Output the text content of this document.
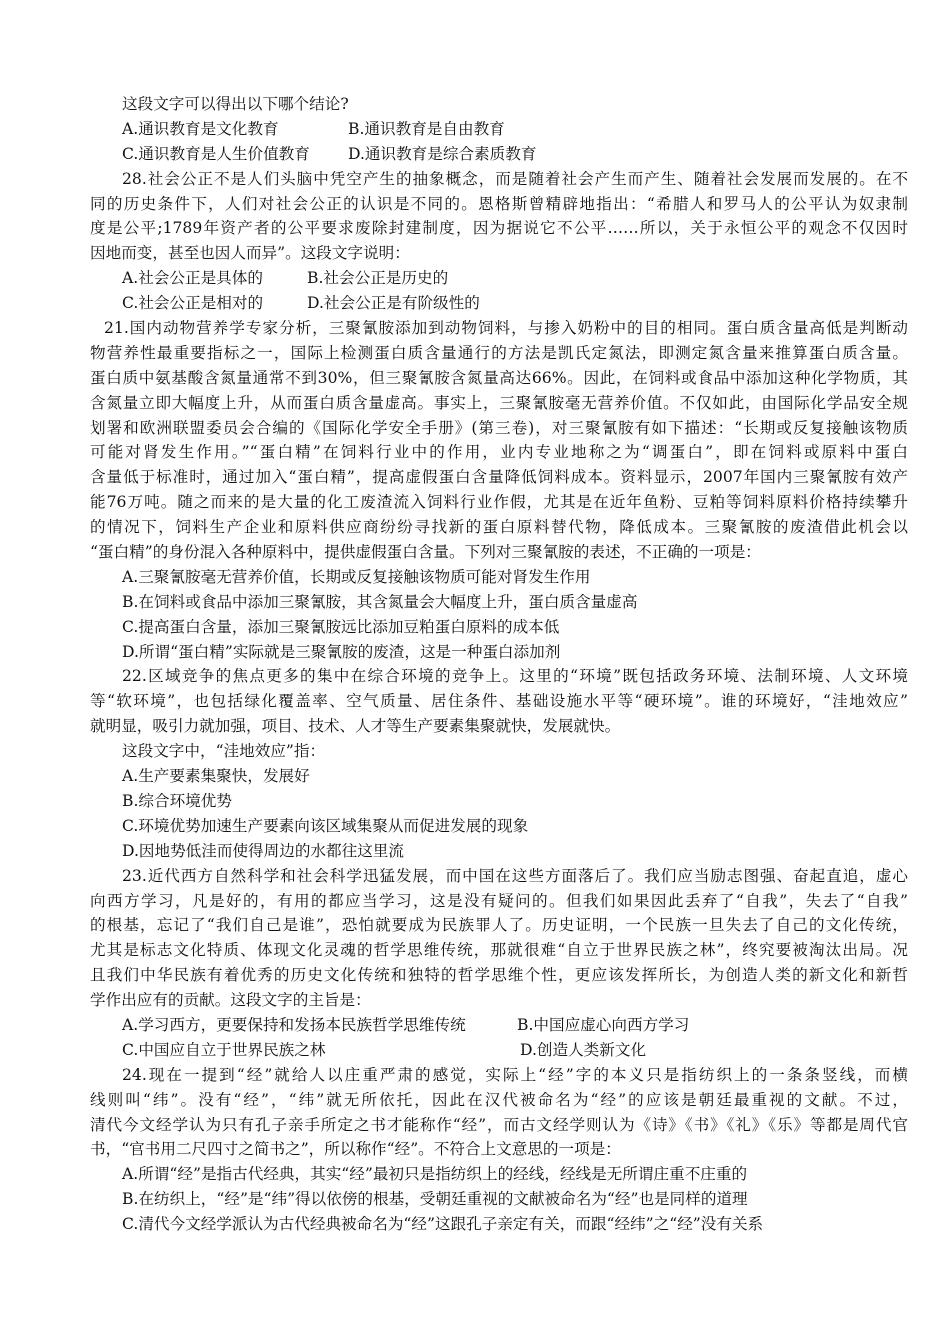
这段文字可以得出以下哪个结论?
A.通识教育是文化教育	B.通识教育是自由教育
C.通识教育是人生价值教育	D.通识教育是综合素质教育
28.社会公正不是人们头脑中凭空产生的抽象概念，而是随着社会产生而产生、随着社会发展而发展的。在不
同的历史条件下，人们对社会公正的认识是不同的。恩格斯曾精辟地指出：“希腊人和罗马人的公平认为奴隶制
度是公平;1789年资产者的公平要求废除封建制度，因为据说它不公平……所以，关于永恒公平的观念不仅因时
因地而变，甚至也因人而异”。这段文字说明：
A.社会公正是具体的	B.社会公正是历史的
C.社会公正是相对的	D.社会公正是有阶级性的
21.国内动物营养学专家分析，三聚氰胺添加到动物饲料，与掺入奶粉中的目的相同。蛋白质含量高低是判断动
物营养性最重要指标之一，国际上检测蛋白质含量通行的方法是凯氏定氮法，即测定氮含量来推算蛋白质含量。
蛋白质中氨基酸含氮量通常不到30%，但三聚氰胺含氮量高达66%。因此，在饲料或食品中添加这种化学物质，其
含氮量立即大幅度上升，从而蛋白质含量虚高。事实上，三聚氰胺毫无营养价值。不仅如此，由国际化学品安全规
划署和欧洲联盟委员会合编的《国际化学安全手册》(第三卷)，对三聚氰胺有如下描述：“长期或反复接触该物质
可能对肾发生作用。”“蛋白精”在饲料行业中的作用，业内专业地称之为“调蛋白”，即在饲料或原料中蛋白
含量低于标准时，通过加入“蛋白精”，提高虚假蛋白含量降低饲料成本。资料显示，2007年国内三聚氰胺有效产
能76万吨。随之而来的是大量的化工废渣流入饲料行业作假，尤其是在近年鱼粉、豆粕等饲料原料价格持续攀升
的情况下，饲料生产企业和原料供应商纷纷寻找新的蛋白原料替代物，降低成本。三聚氰胺的废渣借此机会以
“蛋白精”的身份混入各种原料中，提供虚假蛋白含量。下列对三聚氰胺的表述，不正确的一项是：
A.三聚氰胺毫无营养价值，长期或反复接触该物质可能对肾发生作用
B.在饲料或食品中添加三聚氰胺，其含氮量会大幅度上升，蛋白质含量虚高
C.提高蛋白含量，添加三聚氰胺远比添加豆粕蛋白原料的成本低
D.所谓“蛋白精”实际就是三聚氰胺的废渣，这是一种蛋白添加剂
22.区域竞争的焦点更多的集中在综合环境的竞争上。这里的“环境”既包括政务环境、法制环境、人文环境
等“软环境”，也包括绿化覆盖率、空气质量、居住条件、基础设施水平等“硬环境”。谁的环境好，“洼地效应”
就明显，吸引力就加强，项目、技术、人才等生产要素集聚就快，发展就快。
这段文字中，“洼地效应”指：
A.生产要素集聚快，发展好
B.综合环境优势
C.环境优势加速生产要素向该区域集聚从而促进发展的现象
D.因地势低洼而使得周边的水都往这里流
23.近代西方自然科学和社会科学迅猛发展，而中国在这些方面落后了。我们应当励志图强、奋起直追，虚心
向西方学习，凡是好的，有用的都应当学习，这是没有疑问的。但我们如果因此丢弃了“自我”，失去了“自我”
的根基，忘记了“我们自己是谁”，恐怕就要成为民族罪人了。历史证明，一个民族一旦失去了自己的文化传统，
尤其是标志文化特质、体现文化灵魂的哲学思维传统，那就很难“自立于世界民族之林”，终究要被淘汰出局。况
且我们中华民族有着优秀的历史文化传统和独特的哲学思维个性，更应该发挥所长，为创造人类的新文化和新哲
学作出应有的贡献。这段文字的主旨是：
A.学习西方，更要保持和发扬本民族哲学思维传统	B.中国应虚心向西方学习
C.中国应自立于世界民族之林	D.创造人类新文化
24.现在一提到“经”就给人以庄重严肃的感觉，实际上“经”字的本义只是指纺织上的一条条竖线，而横
线则叫“纬”。没有“经”，“纬”就无所依托，因此在汉代被命名为“经”的应该是朝廷最重视的文献。不过，
清代今文经学认为只有孔子亲手所定之书才能称作“经”，而古文经学则认为《诗》《书》《礼》《乐》等都是周代官
书，“官书用二尺四寸之简书之”，所以称作“经”。不符合上文意思的一项是：
A.所谓“经”是指古代经典，其实“经”最初只是指纺织上的经线，经线是无所谓庄重不庄重的
B.在纺织上，“经”是“纬”得以依傍的根基，受朝廷重视的文献被命名为“经”也是同样的道理
C.清代今文经学派认为古代经典被命名为“经”这跟孔子亲定有关，而跟“经纬”之“经”没有关系
